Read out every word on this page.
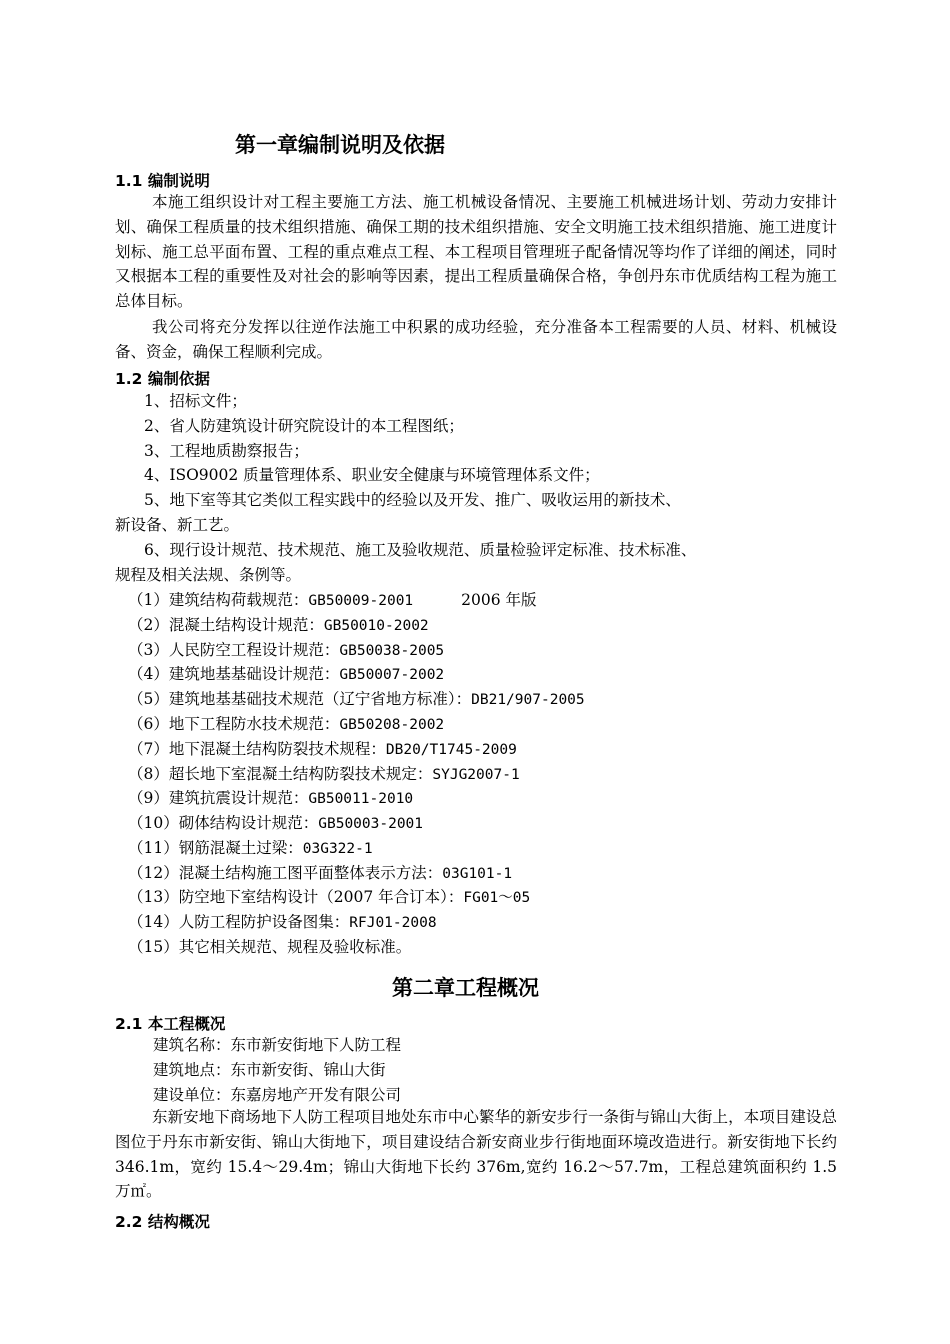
第一章编制说明及依据
1.1 编制说明

本施工组织设计对工程主要施工方法、施工机械设备情况、主要施工机械进场计划、劳动力安排计划、确保工程质量的技术组织措施、确保工期的技术组织措施、安全文明施工技术组织措施、施工进度计划标、施工总平面布置、工程的重点难点工程、本工程项目管理班子配备情况等均作了详细的阐述，同时又根据本工程的重要性及对社会的影响等因素，提出工程质量确保合格，争创丹东市优质结构工程为施工总体目标。

我公司将充分发挥以往逆作法施工中积累的成功经验，充分准备本工程需要的人员、材料、机械设备、资金，确保工程顺利完成。

1.2 编制依据
1、招标文件；
2、省人防建筑设计研究院设计的本工程图纸；
3、工程地质勘察报告；
4、ISO9002 质量管理体系、职业安全健康与环境管理体系文件；
5、地下室等其它类似工程实践中的经验以及开发、推广、吸收运用的新技术、
新设备、新工艺。
6、现行设计规范、技术规范、施工及验收规范、质量检验评定标准、技术标准、
规程及相关法规、条例等。
（1）建筑结构荷载规范：GB50009-2001	2006 年版
（2）混凝土结构设计规范：GB50010-2002
（3）人民防空工程设计规范：GB50038-2005
（4）建筑地基基础设计规范：GB50007-2002
（5）建筑地基基础技术规范（辽宁省地方标准）：DB21/907-2005
（6）地下工程防水技术规范：GB50208-2002
（7）地下混凝土结构防裂技术规程：DB20/T1745-2009
（8）超长地下室混凝土结构防裂技术规定：SYJG2007-1
（9）建筑抗震设计规范：GB50011-2010
（10）砌体结构设计规范：GB50003-2001
（11）钢筋混凝土过梁：03G322-1
（12）混凝土结构施工图平面整体表示方法：03G101-1
（13）防空地下室结构设计（2007 年合订本）：FG01～05
（14）人防工程防护设备图集：RFJ01-2008
（15）其它相关规范、规程及验收标准。
第二章工程概况
2.1 本工程概况
建筑名称：东市新安街地下人防工程
建筑地点：东市新安街、锦山大街
建设单位：东嘉房地产开发有限公司

东新安地下商场地下人防工程项目地处东市中心繁华的新安步行一条街与锦山大街上，本项目建设总图位于丹东市新安街、锦山大街地下，项目建设结合新安商业步行街地面环境改造进行。新安街地下长约 346.1m，宽约 15.4～29.4m；锦山大街地下长约 376m,宽约 16.2～57.7m，工程总建筑面积约 1.5 万㎡。

2.2 结构概况
